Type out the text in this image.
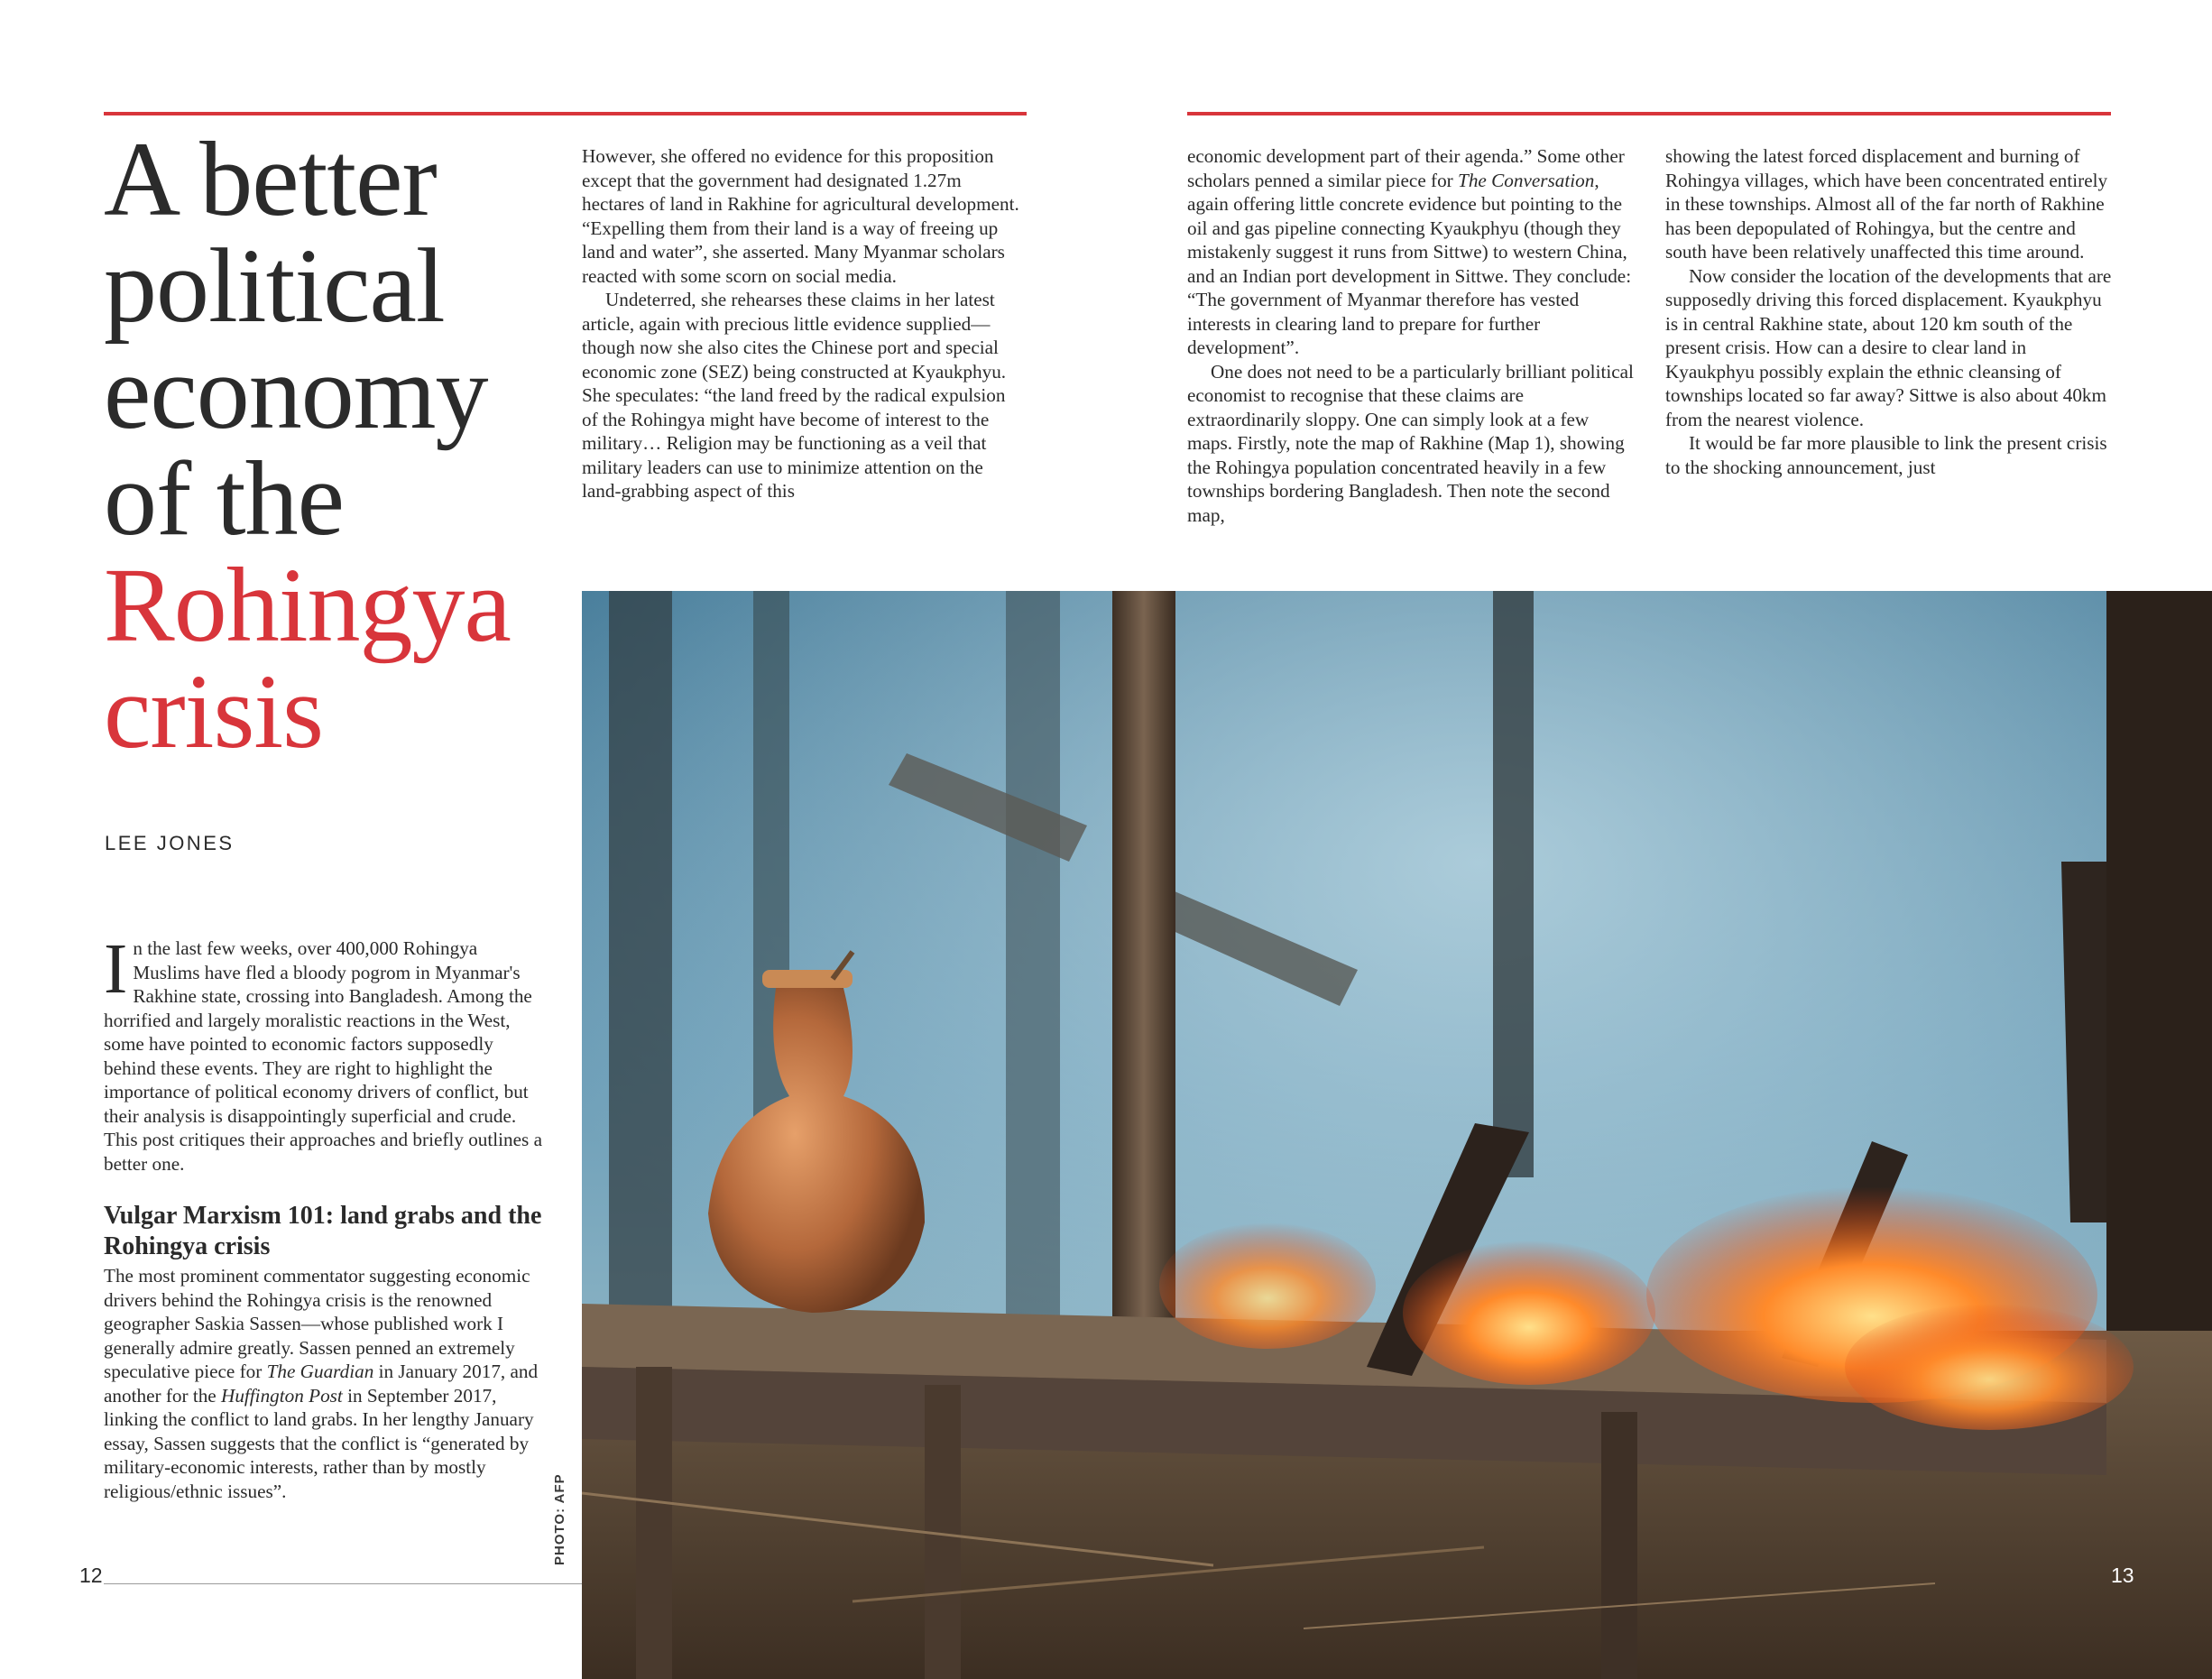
A better
political
economy
of the
Rohingya
crisis
LEE JONES

In the last few weeks, over 400,000 Rohingya Muslims have fled a bloody pogrom in Myanmar's Rakhine state, crossing into Bangladesh. Among the horrified and largely moralistic reactions in the West, some have pointed to economic factors supposedly behind these events. They are right to highlight the importance of political economy drivers of conflict, but their analysis is disappointingly superficial and crude. This post critiques their approaches and briefly outlines a better one.

Vulgar Marxism 101: land grabs and the Rohingya crisis

The most prominent commentator suggesting economic drivers behind the Rohingya crisis is the renowned geographer Saskia Sassen—whose published work I generally admire greatly. Sassen penned an extremely speculative piece for The Guardian in January 2017, and another for the Huffington Post in September 2017, linking the conflict to land grabs. In her lengthy January essay, Sassen suggests that the conflict is “generated by military-economic interests, rather than by mostly religious/ethnic issues”.

However, she offered no evidence for this proposition except that the government had designated 1.27m hectares of land in Rakhine for agricultural development. “Expelling them from their land is a way of freeing up land and water”, she asserted. Many Myanmar scholars reacted with some scorn on social media.

Undeterred, she rehearses these claims in her latest article, again with precious little evidence supplied—though now she also cites the Chinese port and special economic zone (SEZ) being constructed at Kyaukphyu. She speculates: “the land freed by the radical expulsion of the Rohingya might have become of interest to the military… Religion may be functioning as a veil that military leaders can use to minimize attention on the land-grabbing aspect of this

economic development part of their agenda.” Some other scholars penned a similar piece for The Conversation, again offering little concrete evidence but pointing to the oil and gas pipeline connecting Kyaukphyu (though they mistakenly suggest it runs from Sittwe) to western China, and an Indian port development in Sittwe. They conclude: “The government of Myanmar therefore has vested interests in clearing land to prepare for further development”.

One does not need to be a particularly brilliant political economist to recognise that these claims are extraordinarily sloppy. One can simply look at a few maps. Firstly, note the map of Rakhine (Map 1), showing the Rohingya population concentrated heavily in a few townships bordering Bangladesh. Then note the second map,

showing the latest forced displacement and burning of Rohingya villages, which have been concentrated entirely in these townships. Almost all of the far north of Rakhine has been depopulated of Rohingya, but the centre and south have been relatively unaffected this time around.

Now consider the location of the developments that are supposedly driving this forced displacement. Kyaukphyu is in central Rakhine state, about 120 km south of the present crisis. How can a desire to clear land in Kyaukphyu possibly explain the ethnic cleansing of townships located so far away? Sittwe is also about 40km from the nearest violence.

It would be far more plausible to link the present crisis to the shocking announcement, just

PHOTO: AFP
12	13
